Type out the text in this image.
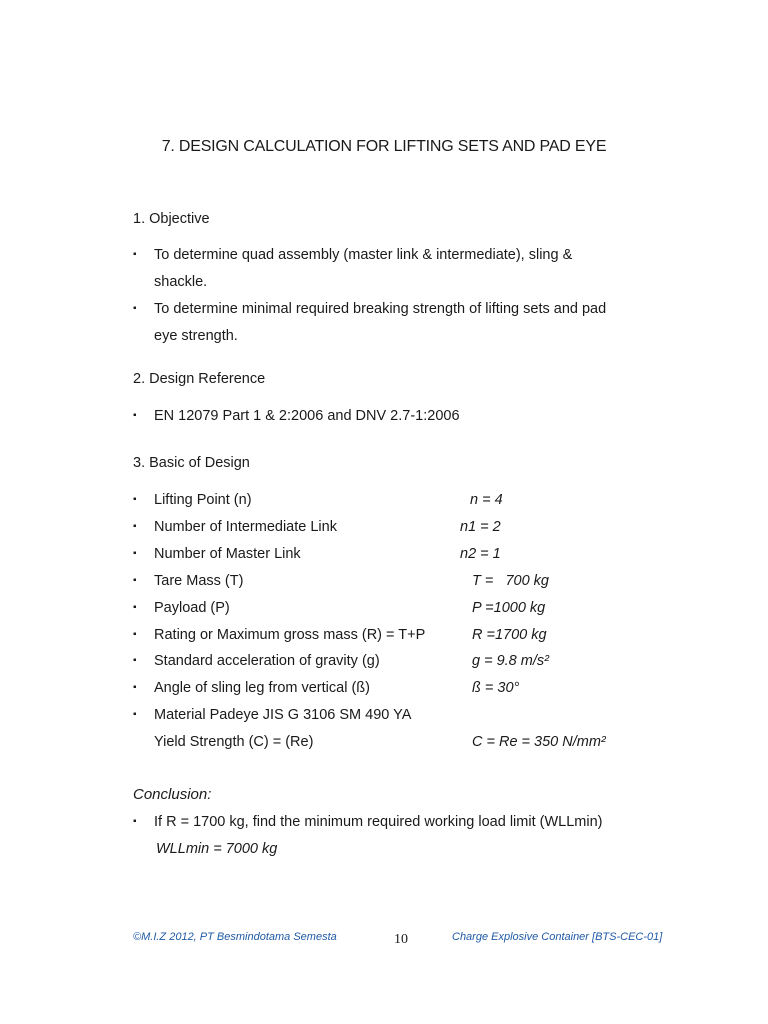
7. DESIGN CALCULATION FOR LIFTING SETS AND PAD EYE
1. Objective
▪ To determine quad assembly (master link & intermediate), sling &
shackle.
▪ To determine minimal required breaking strength of lifting sets and pad
eye strength.
2. Design Reference
▪ EN 12079 Part 1 & 2:2006 and DNV 2.7-1:2006
3. Basic of Design
▪ Lifting Point (n)	n = 4
▪ Number of Intermediate Link	n1 = 2
▪ Number of Master Link	n2 = 1
▪ Tare Mass (T)	T =   700 kg
▪ Payload (P)	P =1000 kg
▪ Rating or Maximum gross mass (R) = T+P	R =1700 kg
▪ Standard acceleration of gravity (g)	g = 9.8 m/s²
▪ Angle of sling leg from vertical (ß)	ß = 30°
▪ Material Padeye JIS G 3106 SM 490 YA
Yield Strength (C) = (Re)	C = Re = 350 N/mm²
Conclusion:
▪ If R = 1700 kg, find the minimum required working load limit (WLLmin)
WLLmin = 7000 kg
©M.I.Z 2012, PT Besmindotama Semesta	10	Charge Explosive Container [BTS-CEC-01]
